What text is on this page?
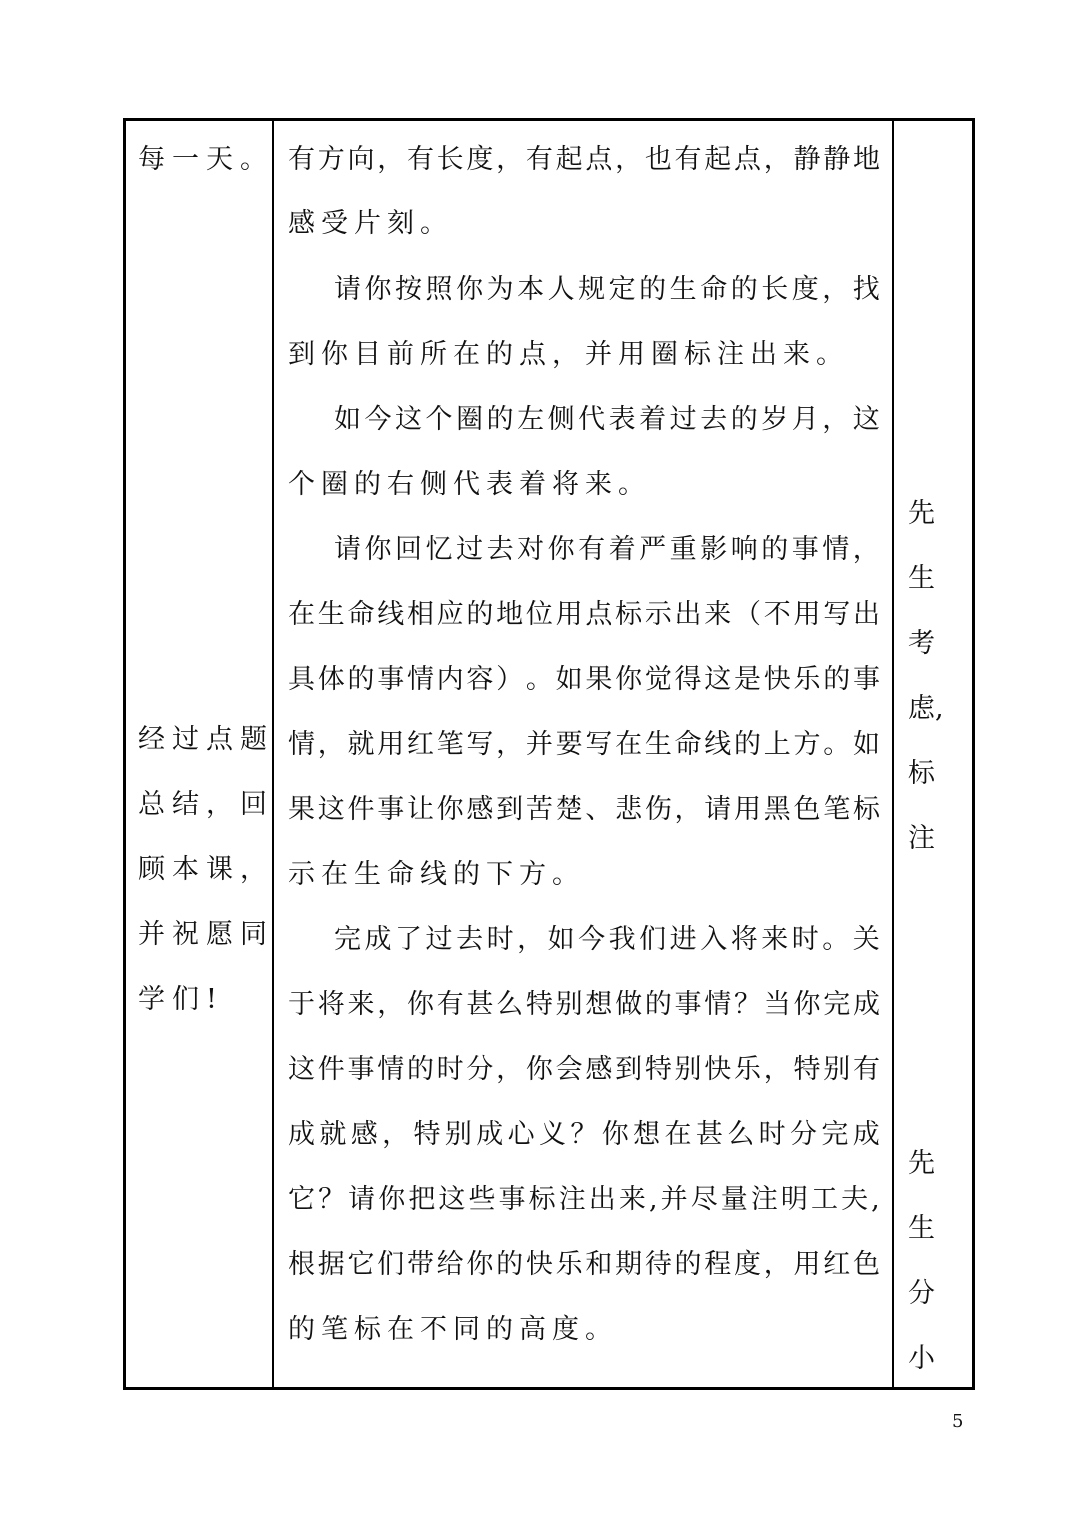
每一天。
经过点题
总结，回
顾本课，
并祝愿同
学们!
有 方 向 ， 有 长 度 ， 有 起 点 ， 也 有 起 点 ， 静 静 地
感受片刻。
请 你 按 照 你 为 本 人 规 定 的 生 命 的 长 度 ， 找
到你目前所在的点，并用圈标注出来。
如 今 这 个 圈 的 左 侧 代 表 着 过 去 的 岁 月 ， 这
个圈的右侧代表着将来。
请 你 回 忆 过 去 对 你 有 着 严 重 影 响 的 事 情 ，
在 生 命 线 相 应 的 地 位 用 点 标 示 出 来 （ 不 用 写 出
具 体 的 事 情 内 容 ） 。 如 果 你 觉 得 这 是 快 乐 的 事
情 ， 就 用 红 笔 写 ， 并 要 写 在 生 命 线 的 上 方 。 如
果 这 件 事 让 你 感 到 苦 楚 、 悲 伤 ， 请 用 黑 色 笔 标
示在生命线的下方。
完 成 了 过 去 时 ， 如 今 我 们 进 入 将 来 时 。 关
于 将 来 ， 你 有 甚 么 特 别 想 做 的 事 情 ？ 当 你 完 成
这 件 事 情 的 时 分 ， 你 会 感 到 特 别 快 乐 ， 特 别 有
成 就 感 ， 特 别 成 心 义 ？ 你 想 在 甚 么 时 分 完 成
它 ？ 请 你 把 这 些 事 标 注 出 来 , 并 尽 量 注 明 工 夫 ,
根 据 它 们 带 给 你 的 快 乐 和 期 待 的 程 度 ， 用 红 色
的笔标在不同的高度。
先
生
考
虑,
标
注
先
生
分
小
5
